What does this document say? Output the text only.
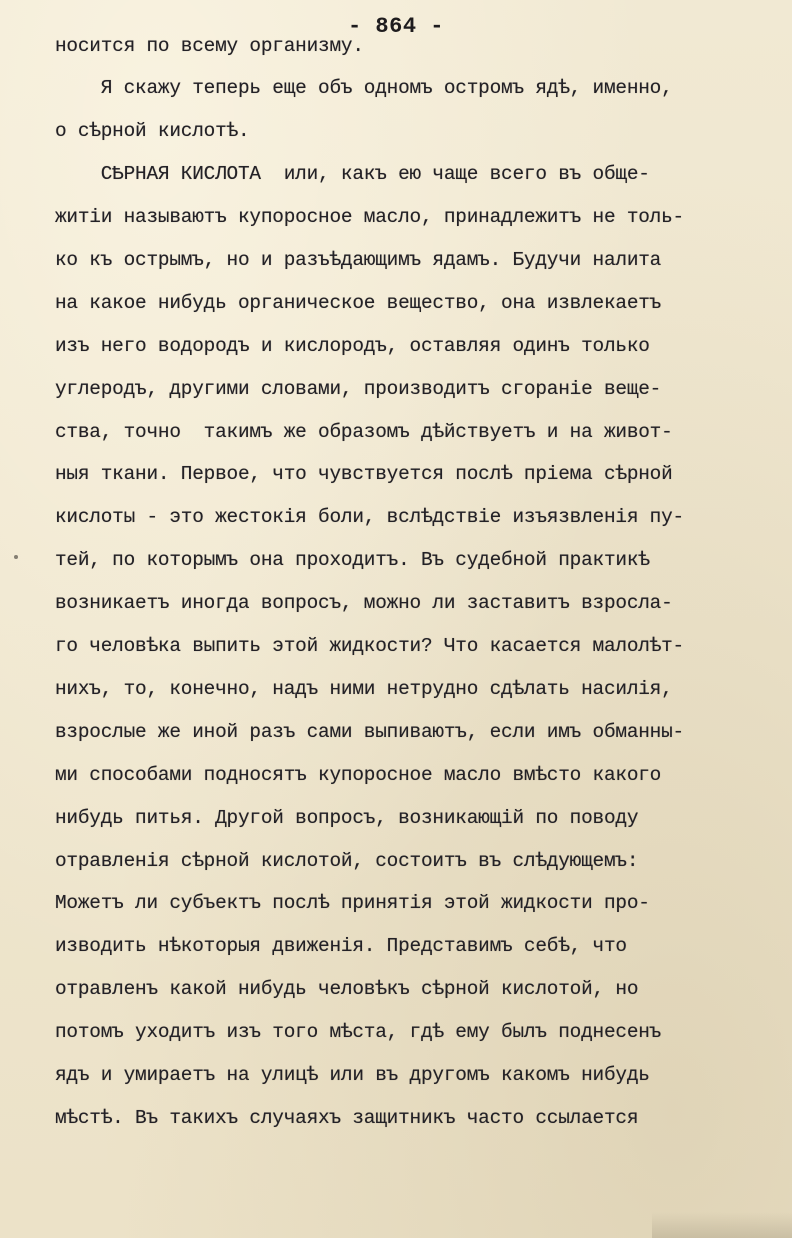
- 864 -
носится по всему организму.
Я скажу теперь еще объ одномъ остромъ ядѣ, именно,
о сѣрной кислотѣ.
СѢРНАЯ КИСЛОТА  или, какъ ею чаще всего въ обще-
житіи называютъ купоросное масло, принадлежитъ не толь-
ко къ острымъ, но и разъѣдающимъ ядамъ. Будучи налита
на какое нибудь органическое вещество, она извлекаетъ
изъ него водородъ и кислородъ, оставляя одинъ только
углеродъ, другими словами, производитъ сгораніе веще-
ства, точно  такимъ же образомъ дѣйствуетъ и на живот-
ныя ткани. Первое, что чувствуется послѣ пріема сѣрной
кислоты - это жестокія боли, вслѣдствіе изъязвленія пу-
тей, по которымъ она проходитъ. Въ судебной практикѣ
возникаетъ иногда вопросъ, можно ли заставитъ взросла-
го человѣка выпить этой жидкости? Что касается малолѣт-
нихъ, то, конечно, надъ ними нетрудно сдѣлать насилія,
взрослые же иной разъ сами выпиваютъ, если имъ обманны-
ми способами подносятъ купоросное масло вмѣсто какого
нибудь питья. Другой вопросъ, возникающій по поводу
отравленія сѣрной кислотой, состоитъ въ слѣдующемъ:
Можетъ ли субъектъ послѣ принятія этой жидкости про-
изводить нѣкоторыя движенія. Представимъ себѣ, что
отравленъ какой нибудь человѣкъ сѣрной кислотой, но
потомъ уходитъ изъ того мѣста, гдѣ ему былъ поднесенъ
ядъ и умираетъ на улицѣ или въ другомъ какомъ нибудь
мѣстѣ. Въ такихъ случаяхъ защитникъ часто ссылается
